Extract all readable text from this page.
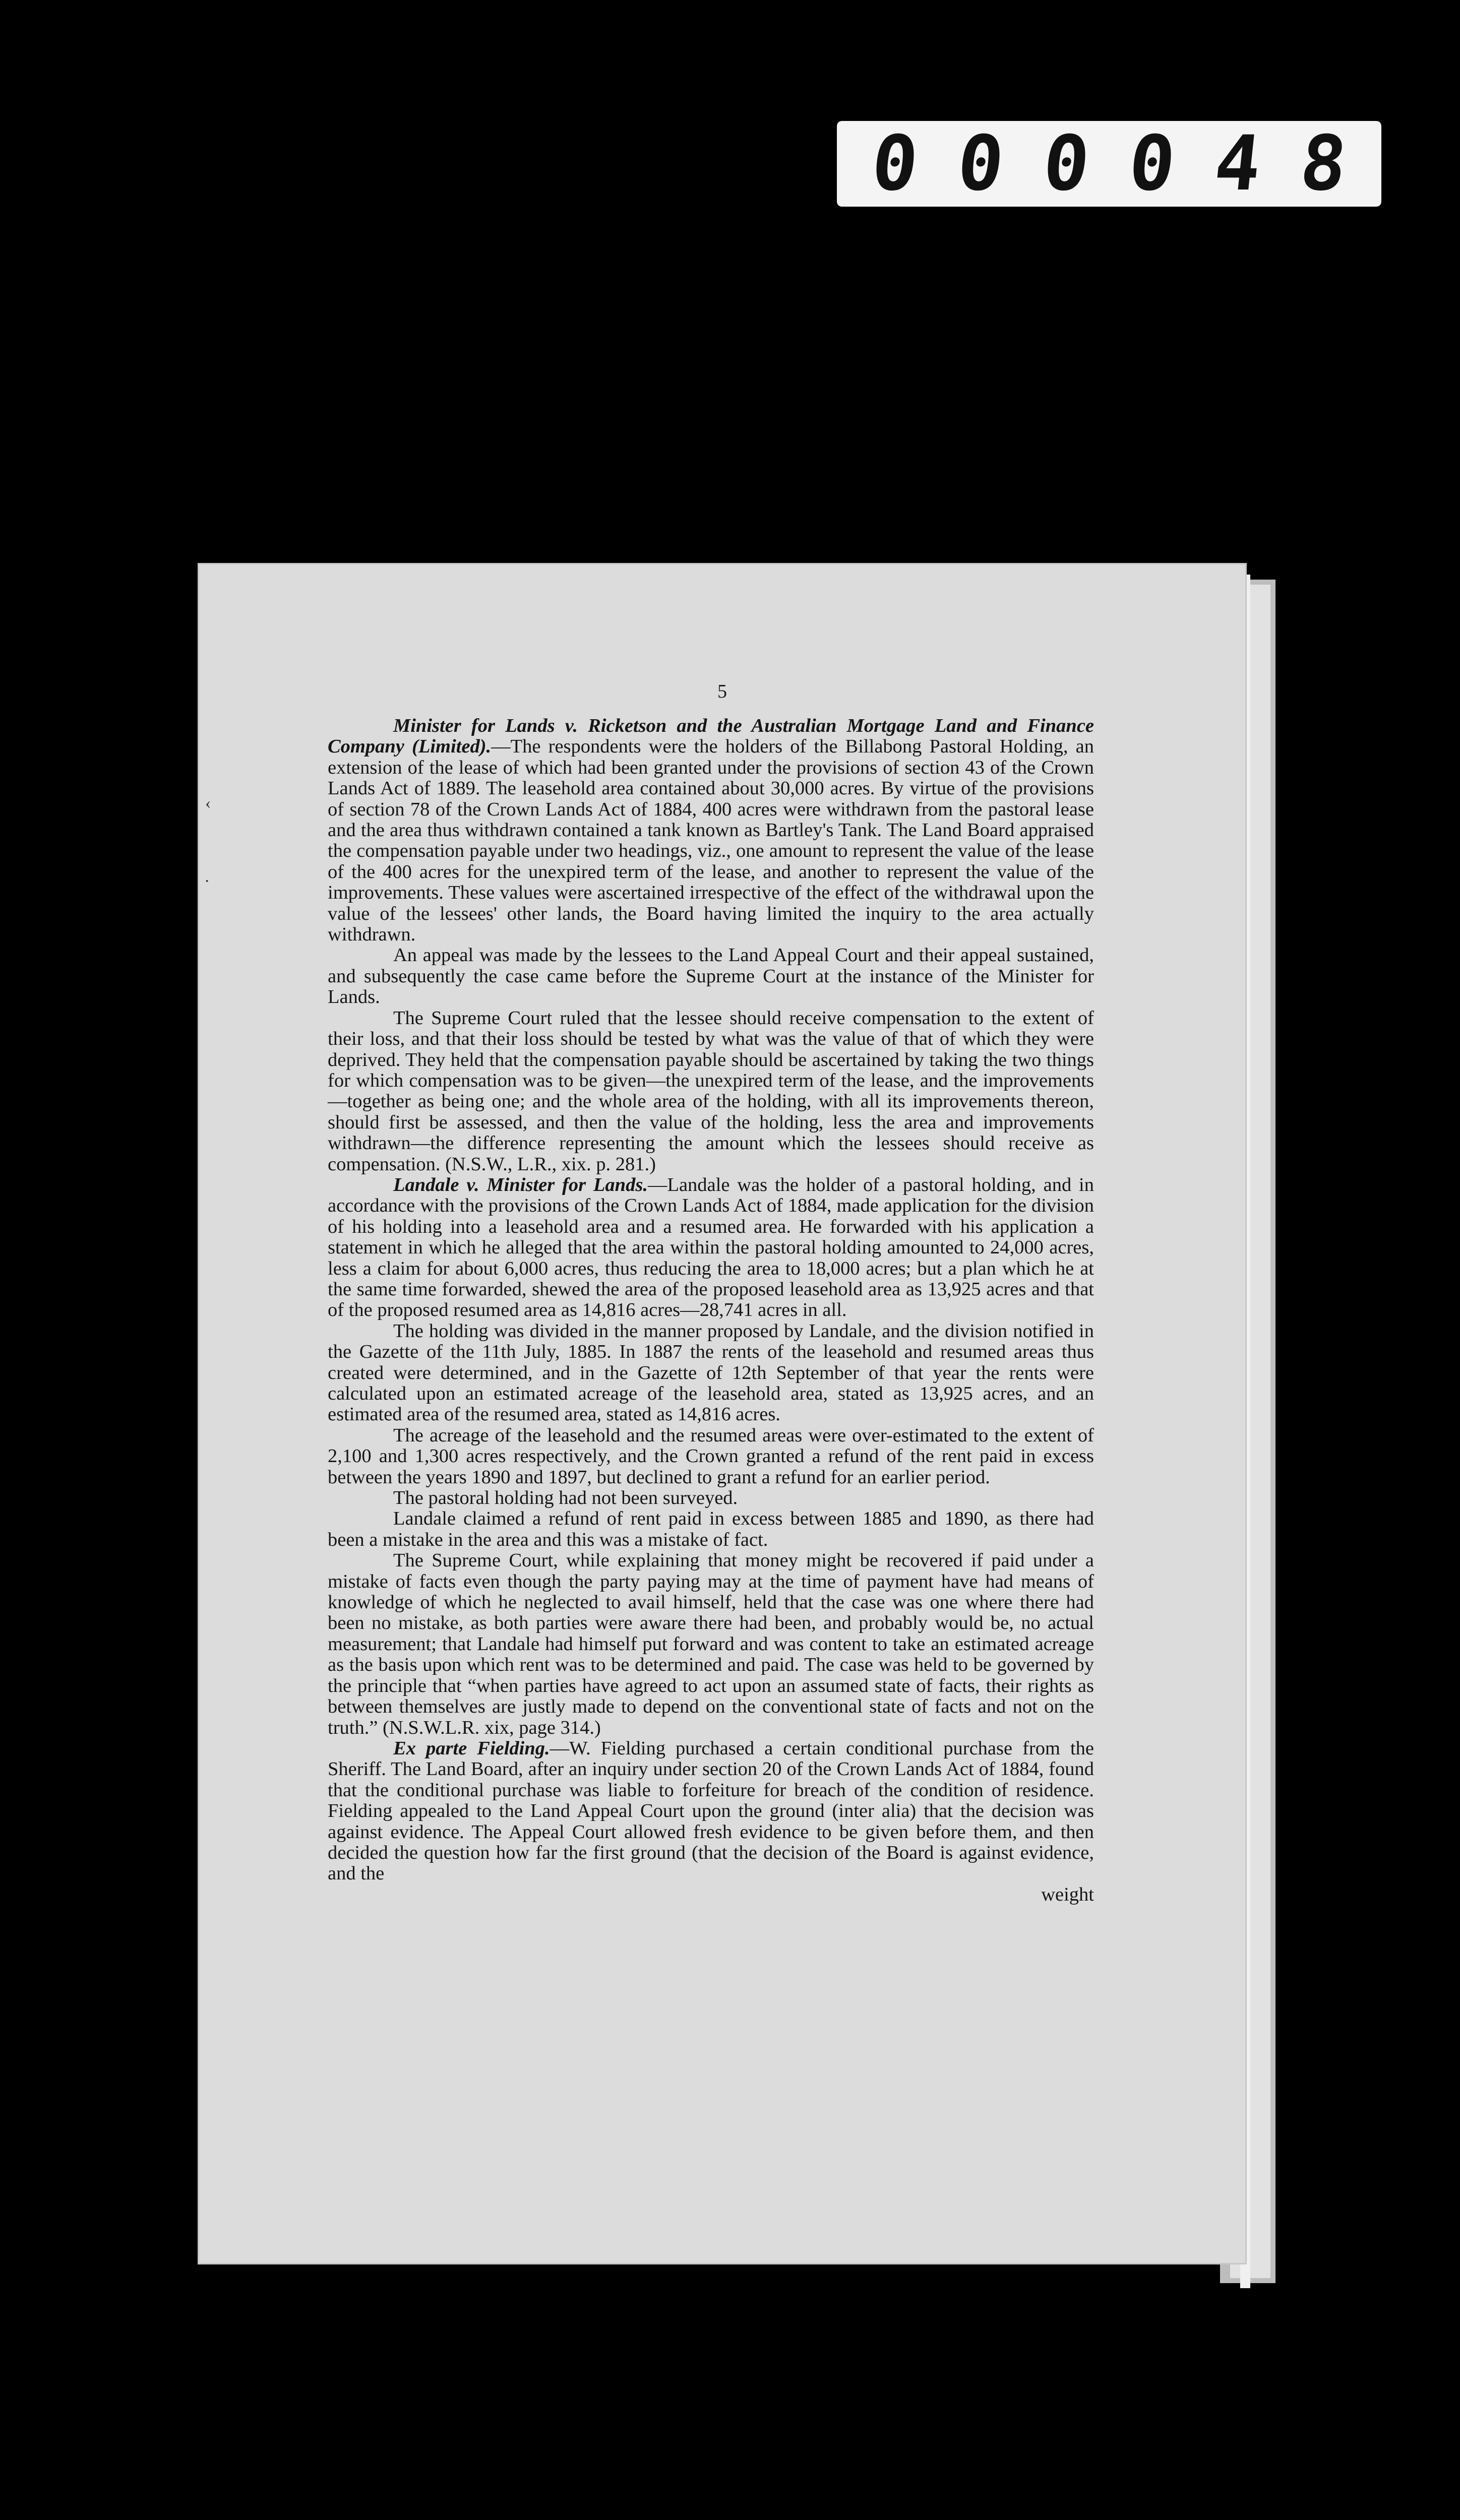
0 0 0 0 4 8
‹
·
5

Minister for Lands v. Ricketson and the Australian Mortgage Land and Finance Company (Limited).—The respondents were the holders of the Billabong Pastoral Holding, an extension of the lease of which had been granted under the provisions of section 43 of the Crown Lands Act of 1889. The leasehold area contained about 30,000 acres. By virtue of the provisions of section 78 of the Crown Lands Act of 1884, 400 acres were withdrawn from the pastoral lease and the area thus withdrawn contained a tank known as Bartley's Tank. The Land Board appraised the compensation payable under two headings, viz., one amount to represent the value of the lease of the 400 acres for the unexpired term of the lease, and another to represent the value of the improvements. These values were ascertained irrespective of the effect of the withdrawal upon the value of the lessees' other lands, the Board having limited the inquiry to the area actually withdrawn.

An appeal was made by the lessees to the Land Appeal Court and their appeal sustained, and subsequently the case came before the Supreme Court at the instance of the Minister for Lands.

The Supreme Court ruled that the lessee should receive compensation to the extent of their loss, and that their loss should be tested by what was the value of that of which they were deprived. They held that the compensation payable should be ascertained by taking the two things for which compensation was to be given—the unexpired term of the lease, and the improvements—together as being one; and the whole area of the holding, with all its improvements thereon, should first be assessed, and then the value of the holding, less the area and improvements withdrawn—the difference representing the amount which the lessees should receive as compensation. (N.S.W., L.R., xix. p. 281.)

Landale v. Minister for Lands.—Landale was the holder of a pastoral holding, and in accordance with the provisions of the Crown Lands Act of 1884, made application for the division of his holding into a leasehold area and a resumed area. He forwarded with his application a statement in which he alleged that the area within the pastoral holding amounted to 24,000 acres, less a claim for about 6,000 acres, thus reducing the area to 18,000 acres; but a plan which he at the same time forwarded, shewed the area of the proposed leasehold area as 13,925 acres and that of the proposed resumed area as 14,816 acres—28,741 acres in all.

The holding was divided in the manner proposed by Landale, and the division notified in the Gazette of the 11th July, 1885. In 1887 the rents of the leasehold and resumed areas thus created were determined, and in the Gazette of 12th September of that year the rents were calculated upon an estimated acreage of the leasehold area, stated as 13,925 acres, and an estimated area of the resumed area, stated as 14,816 acres.

The acreage of the leasehold and the resumed areas were over-estimated to the extent of 2,100 and 1,300 acres respectively, and the Crown granted a refund of the rent paid in excess between the years 1890 and 1897, but declined to grant a refund for an earlier period.

The pastoral holding had not been surveyed.

Landale claimed a refund of rent paid in excess between 1885 and 1890, as there had been a mistake in the area and this was a mistake of fact.

The Supreme Court, while explaining that money might be recovered if paid under a mistake of facts even though the party paying may at the time of payment have had means of knowledge of which he neglected to avail himself, held that the case was one where there had been no mistake, as both parties were aware there had been, and probably would be, no actual measurement; that Landale had himself put forward and was content to take an estimated acreage as the basis upon which rent was to be determined and paid. The case was held to be governed by the principle that “when parties have agreed to act upon an assumed state of facts, their rights as between themselves are justly made to depend on the conventional state of facts and not on the truth.” (N.S.W.L.R. xix, page 314.)

Ex parte Fielding.—W. Fielding purchased a certain conditional purchase from the Sheriff. The Land Board, after an inquiry under section 20 of the Crown Lands Act of 1884, found that the conditional purchase was liable to forfeiture for breach of the condition of residence. Fielding appealed to the Land Appeal Court upon the ground (inter alia) that the decision was against evidence. The Appeal Court allowed fresh evidence to be given before them, and then decided the question how far the first ground (that the decision of the Board is against evidence, and the

weight
